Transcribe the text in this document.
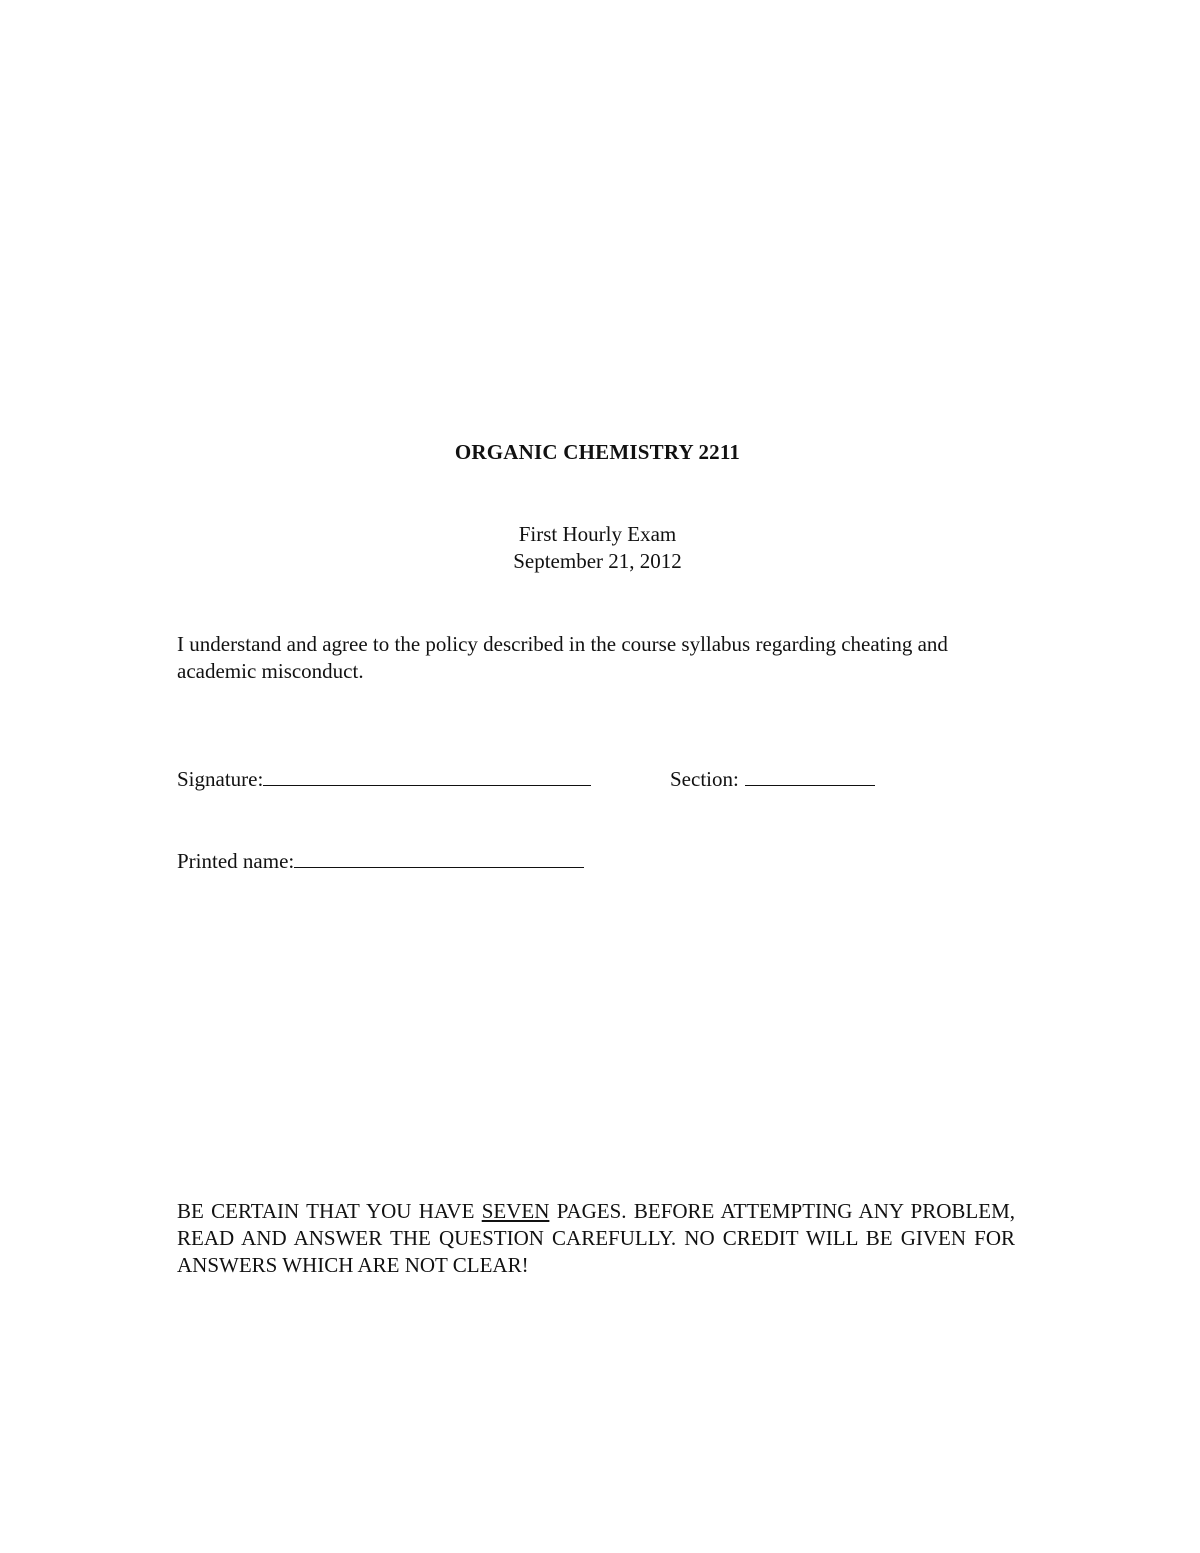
ORGANIC CHEMISTRY 2211
First Hourly Exam
September 21, 2012
I understand and agree to the policy described in the course syllabus regarding cheating and academic misconduct.
Signature:	Section:
Printed name:
BE CERTAIN THAT YOU HAVE SEVEN PAGES. BEFORE ATTEMPTING ANY PROBLEM, READ AND ANSWER THE QUESTION CAREFULLY. NO CREDIT WILL BE GIVEN FOR ANSWERS WHICH ARE NOT CLEAR!
